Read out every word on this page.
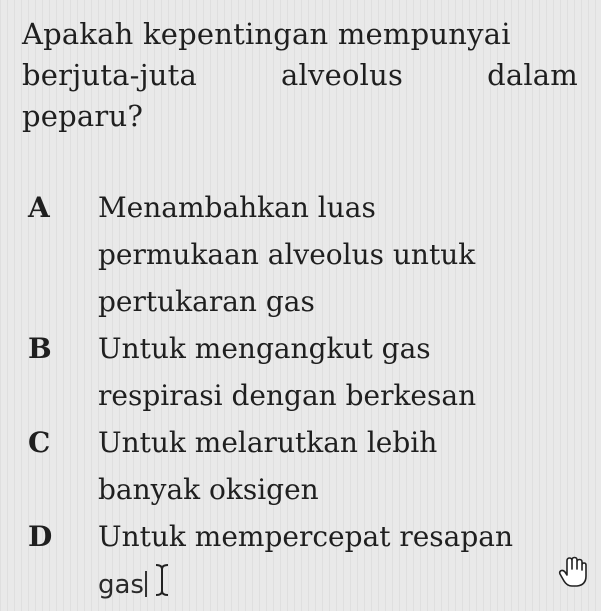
Apakah kepentingan mempunyai
berjuta-juta	alveolus	dalam
peparu?
A	Menambahkan luas
permukaan alveolus untuk
pertukaran gas
B	Untuk mengangkut gas
respirasi dengan berkesan
C	Untuk melarutkan lebih
banyak oksigen
D	Untuk mempercepat resapan
gas
